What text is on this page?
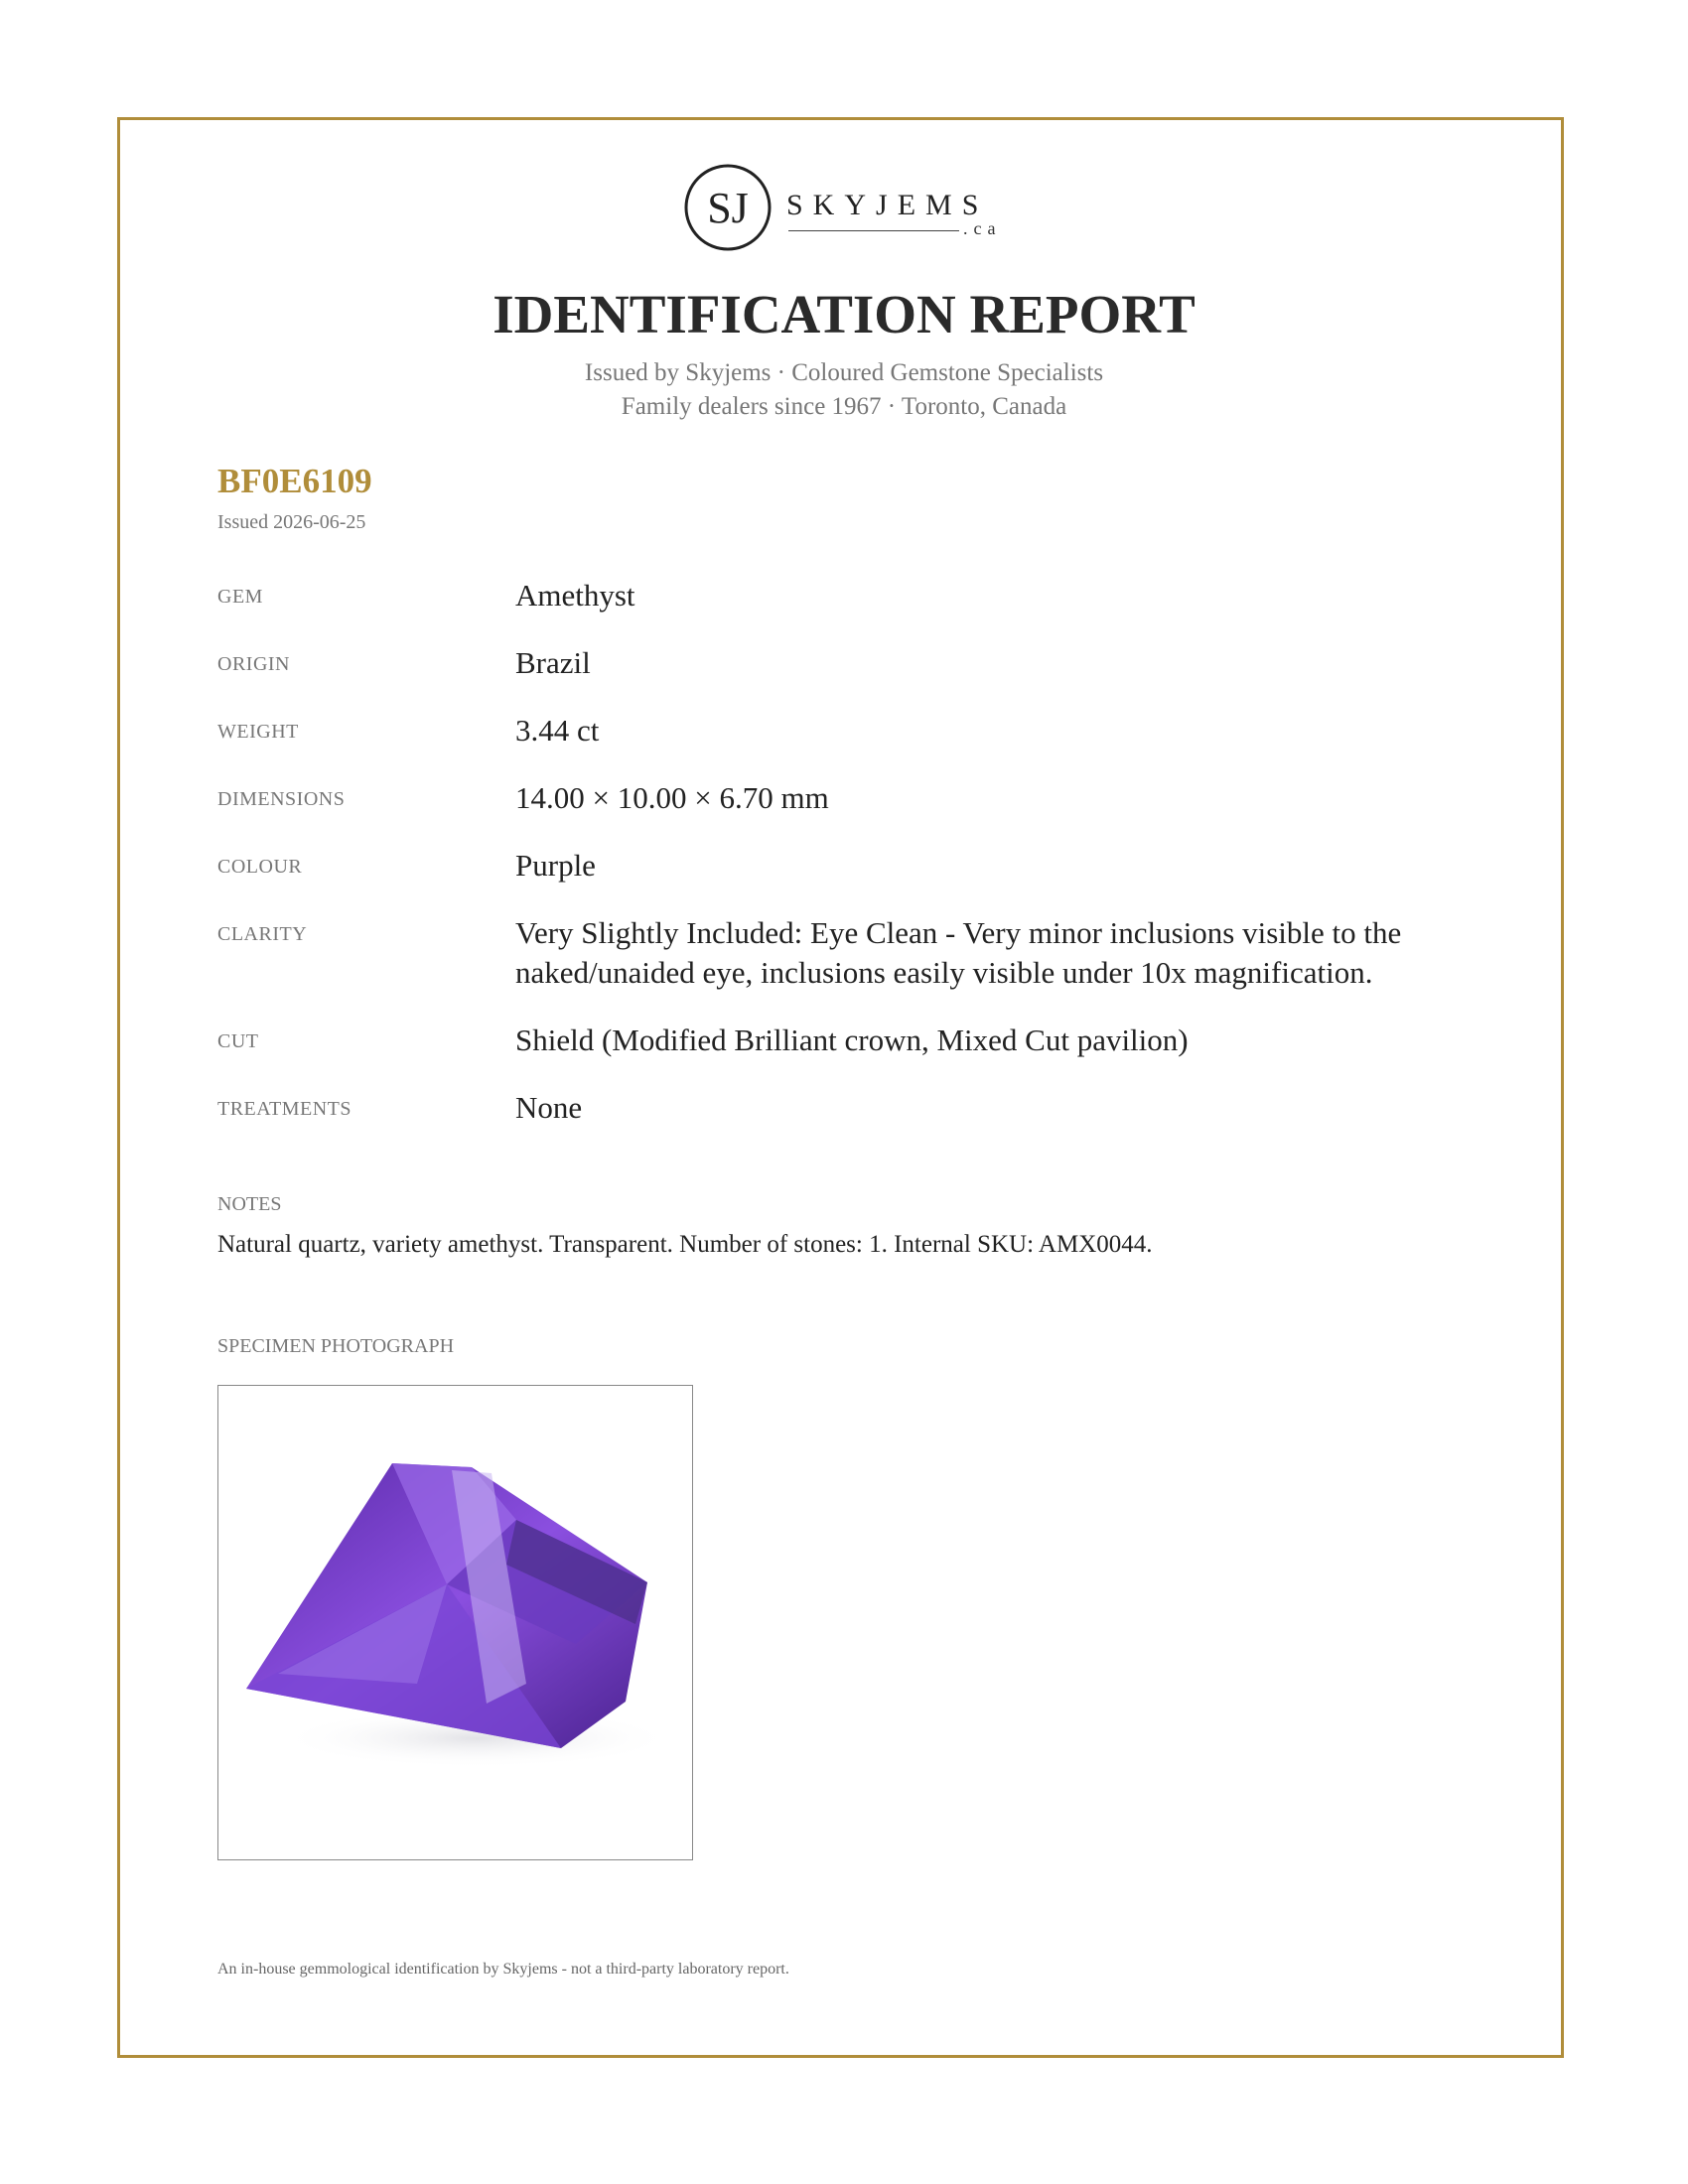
SJ SKYJEMS
.ca
IDENTIFICATION REPORT
Issued by Skyjems · Coloured Gemstone Specialists
Family dealers since 1967 · Toronto, Canada
BF0E6109
Issued 2026-06-25
GEM	Amethyst
ORIGIN	Brazil
WEIGHT	3.44 ct
DIMENSIONS	14.00 × 10.00 × 6.70 mm
COLOUR	Purple
CLARITY	Very Slightly Included: Eye Clean - Very minor inclusions visible to the naked/unaided eye, inclusions easily visible under 10x magnification.
CUT	Shield (Modified Brilliant crown, Mixed Cut pavilion)
TREATMENTS	None
NOTES
Natural quartz, variety amethyst. Transparent. Number of stones: 1. Internal SKU: AMX0044.
SPECIMEN PHOTOGRAPH
An in-house gemmological identification by Skyjems - not a third-party laboratory report.
